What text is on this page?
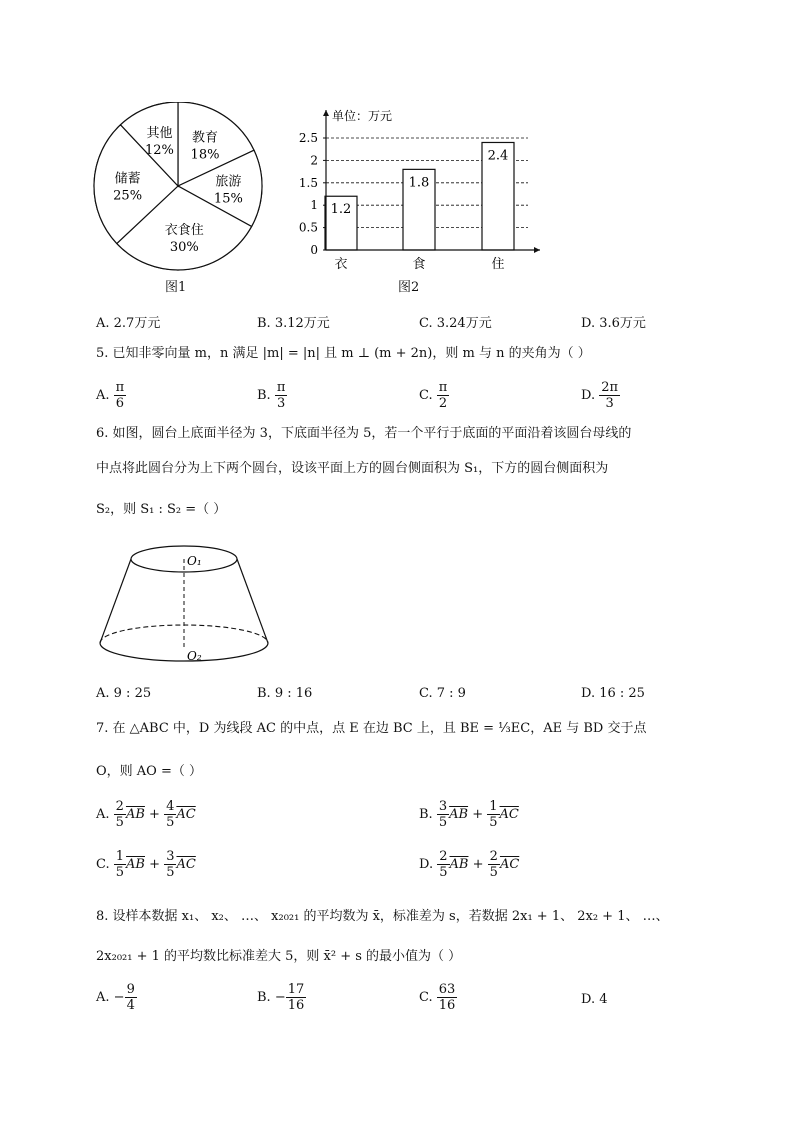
教育
18%
旅游
15%
衣食住
30%
储蓄
25%
其他
12%
图1
1.2
1.8
2.4
0
0.5
1
1.5
2
2.5
单位：万元
衣	食	住
图2
A. 2.7万元	B. 3.12万元	C. 3.24万元	D. 3.6万元
5. 已知非零向量 m，n 满足 |m| = |n| 且 m ⊥ (m + 2n)，则 m 与 n 的夹角为（ ）
A. $\frac{\pi}{6}$	B. $\frac{\pi}{3}$	C. $\frac{\pi}{2}$	D. $\frac{2\pi}{3}$
6. 如图，圆台上底面半径为 3，下底面半径为 5，若一个平行于底面的平面沿着该圆台母线的
中点将此圆台分为上下两个圆台，设该平面上方的圆台侧面积为 S₁，下方的圆台侧面积为
S₂，则 S₁ : S₂ =（ ）
O₁
O₂
A. 9 : 25	B. 9 : 16	C. 7 : 9	D. 16 : 25
7. 在 △ABC 中，D 为线段 AC 的中点，点 E 在边 BC 上，且 BE = ⅓EC，AE 与 BD 交于点
O，则 AO =（ ）
A. $\frac{2}{5} \overline{AB} + \frac{4}{5} \overline{AC}$	B. $\frac{3}{5} \overline{AB} + \frac{1}{5} \overline{AC}$
C. $\frac{1}{5} \overline{AB} + \frac{3}{5} \overline{AC}$	D. $\frac{2}{5} \overline{AB} + \frac{2}{5} \overline{AC}$
8. 设样本数据 x₁、 x₂、 …、 x₂₀₂₁ 的平均数为 x̄，标准差为 s，若数据 2x₁ + 1、 2x₂ + 1、 …、
2x₂₀₂₁ + 1 的平均数比标准差大 5，则 x̄² + s 的最小值为（ ）
A. − $\frac{9}{4}$	B. − $\frac{17}{16}$	C. $\frac{63}{16}$	D. 4
